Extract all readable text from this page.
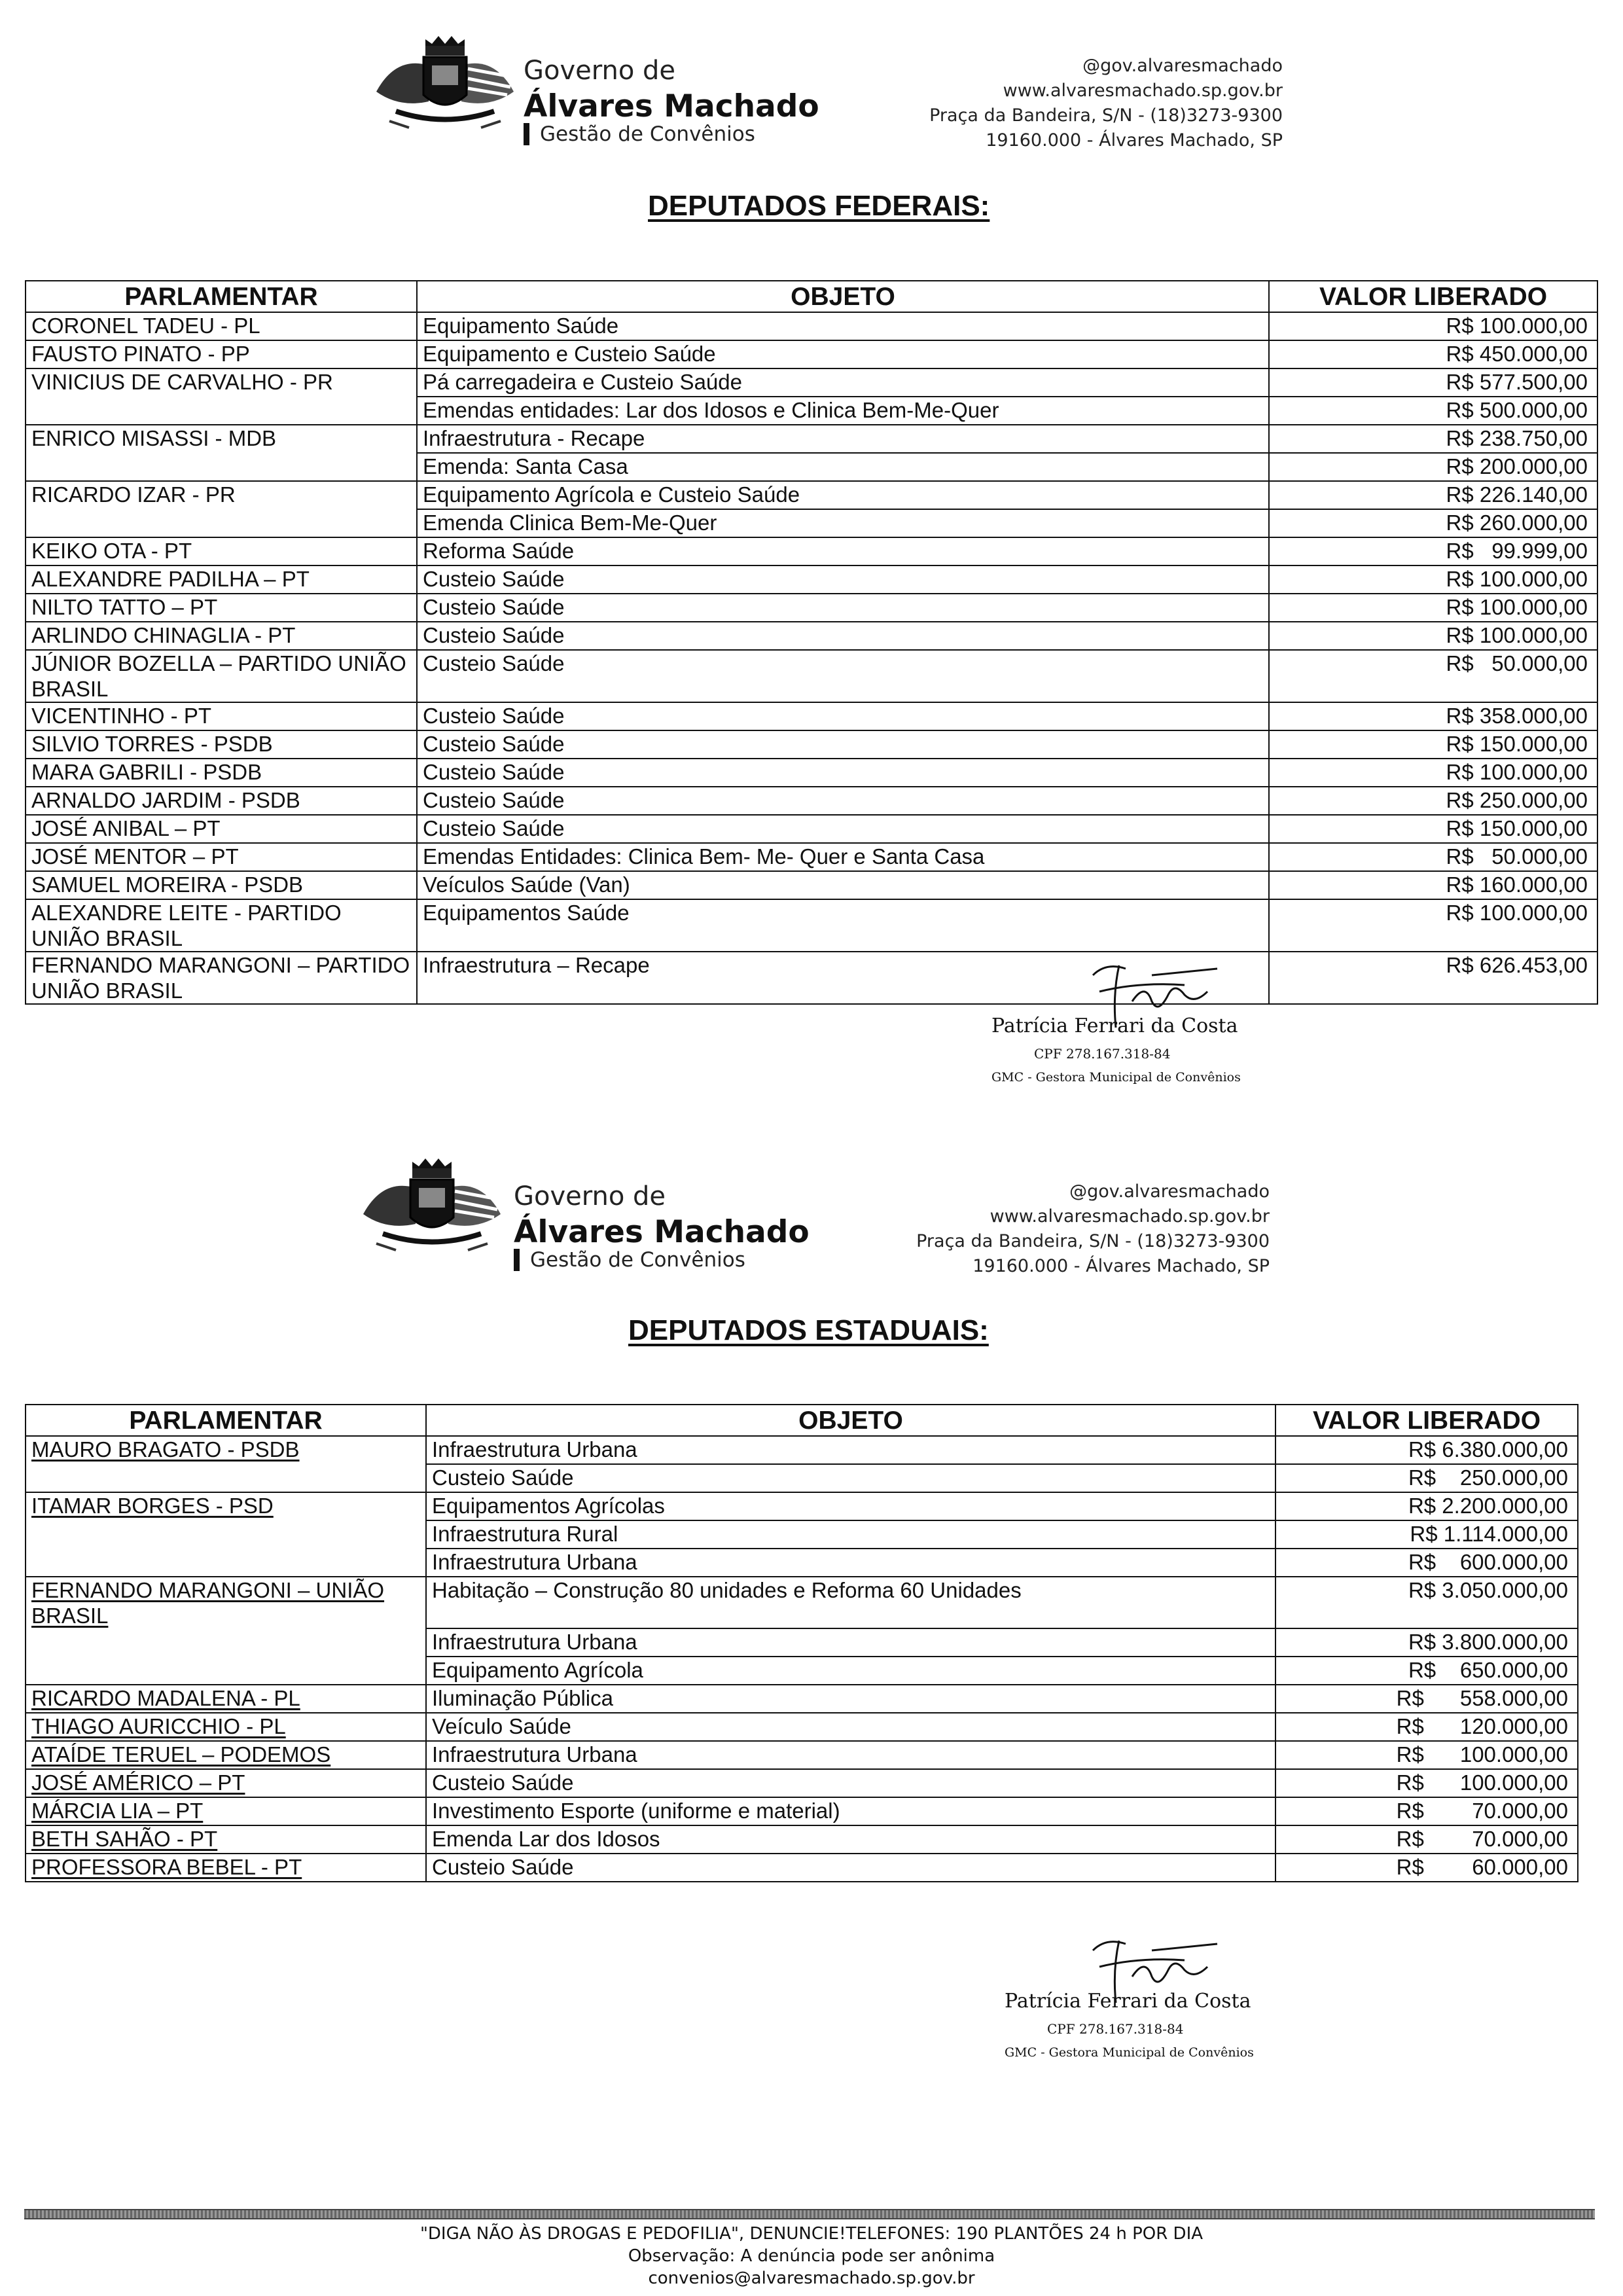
Governo de
Álvares Machado
Gestão de Convênios
@gov.alvaresmachado
www.alvaresmachado.sp.gov.br
Praça da Bandeira, S/N - (18)3273-9300
19160.000 - Álvares Machado, SP
DEPUTADOS FEDERAIS:
PARLAMENTAR	OBJETO	VALOR LIBERADO
CORONEL TADEU - PL	Equipamento Saúde	R$ 100.000,00
FAUSTO PINATO - PP	Equipamento e Custeio Saúde	R$ 450.000,00
VINICIUS DE CARVALHO - PR	Pá carregadeira e Custeio Saúde	R$ 577.500,00
	Emendas entidades: Lar dos Idosos e Clinica Bem-Me-Quer	R$ 500.000,00
ENRICO MISASSI - MDB	Infraestrutura - Recape	R$ 238.750,00
	Emenda: Santa Casa	R$ 200.000,00
RICARDO IZAR - PR	Equipamento Agrícola e Custeio Saúde	R$ 226.140,00
	Emenda Clinica Bem-Me-Quer	R$ 260.000,00
KEIKO OTA - PT	Reforma Saúde	R$   99.999,00
ALEXANDRE PADILHA – PT	Custeio Saúde	R$ 100.000,00
NILTO TATTO – PT	Custeio Saúde	R$ 100.000,00
ARLINDO CHINAGLIA - PT	Custeio Saúde	R$ 100.000,00
JÚNIOR BOZELLA – PARTIDO UNIÃO BRASIL	Custeio Saúde	R$   50.000,00
VICENTINHO - PT	Custeio Saúde	R$ 358.000,00
SILVIO TORRES - PSDB	Custeio Saúde	R$ 150.000,00
MARA GABRILI - PSDB	Custeio Saúde	R$ 100.000,00
ARNALDO JARDIM - PSDB	Custeio Saúde	R$ 250.000,00
JOSÉ ANIBAL – PT	Custeio Saúde	R$ 150.000,00
JOSÉ MENTOR – PT	Emendas Entidades: Clinica Bem- Me- Quer e Santa Casa	R$   50.000,00
SAMUEL MOREIRA - PSDB	Veículos Saúde (Van)	R$ 160.000,00
ALEXANDRE LEITE - PARTIDO UNIÃO BRASIL	Equipamentos Saúde	R$ 100.000,00
FERNANDO MARANGONI – PARTIDO UNIÃO BRASIL	Infraestrutura – Recape	R$ 626.453,00
Patrícia Ferrari da Costa
CPF 278.167.318-84
GMC - Gestora Municipal de Convênios
Governo de
Álvares Machado
Gestão de Convênios
@gov.alvaresmachado
www.alvaresmachado.sp.gov.br
Praça da Bandeira, S/N - (18)3273-9300
19160.000 - Álvares Machado, SP
DEPUTADOS ESTADUAIS:
PARLAMENTAR	OBJETO	VALOR LIBERADO
MAURO BRAGATO - PSDB	Infraestrutura Urbana	R$ 6.380.000,00
	Custeio Saúde	R$    250.000,00
ITAMAR BORGES - PSD	Equipamentos Agrícolas	R$ 2.200.000,00
	Infraestrutura Rural	R$ 1.114.000,00
	Infraestrutura Urbana	R$    600.000,00
FERNANDO MARANGONI – UNIÃO BRASIL	Habitação – Construção 80 unidades e Reforma 60 Unidades	R$ 3.050.000,00
	Infraestrutura Urbana	R$ 3.800.000,00
	Equipamento Agrícola	R$    650.000,00
RICARDO MADALENA - PL	Iluminação Pública	R$      558.000,00
THIAGO AURICCHIO - PL	Veículo Saúde	R$      120.000,00
ATAÍDE TERUEL – PODEMOS	Infraestrutura Urbana	R$      100.000,00
JOSÉ AMÉRICO – PT	Custeio Saúde	R$      100.000,00
MÁRCIA LIA – PT	Investimento Esporte (uniforme e material)	R$        70.000,00
BETH SAHÃO - PT	Emenda Lar dos Idosos	R$        70.000,00
PROFESSORA BEBEL - PT	Custeio Saúde	R$        60.000,00
Patrícia Ferrari da Costa
CPF 278.167.318-84
GMC - Gestora Municipal de Convênios
"DIGA NÃO ÀS DROGAS E PEDOFILIA", DENUNCIE!TELEFONES: 190 PLANTÕES 24 h POR DIA
Observação: A denúncia pode ser anônima
convenios@alvaresmachado.sp.gov.br
